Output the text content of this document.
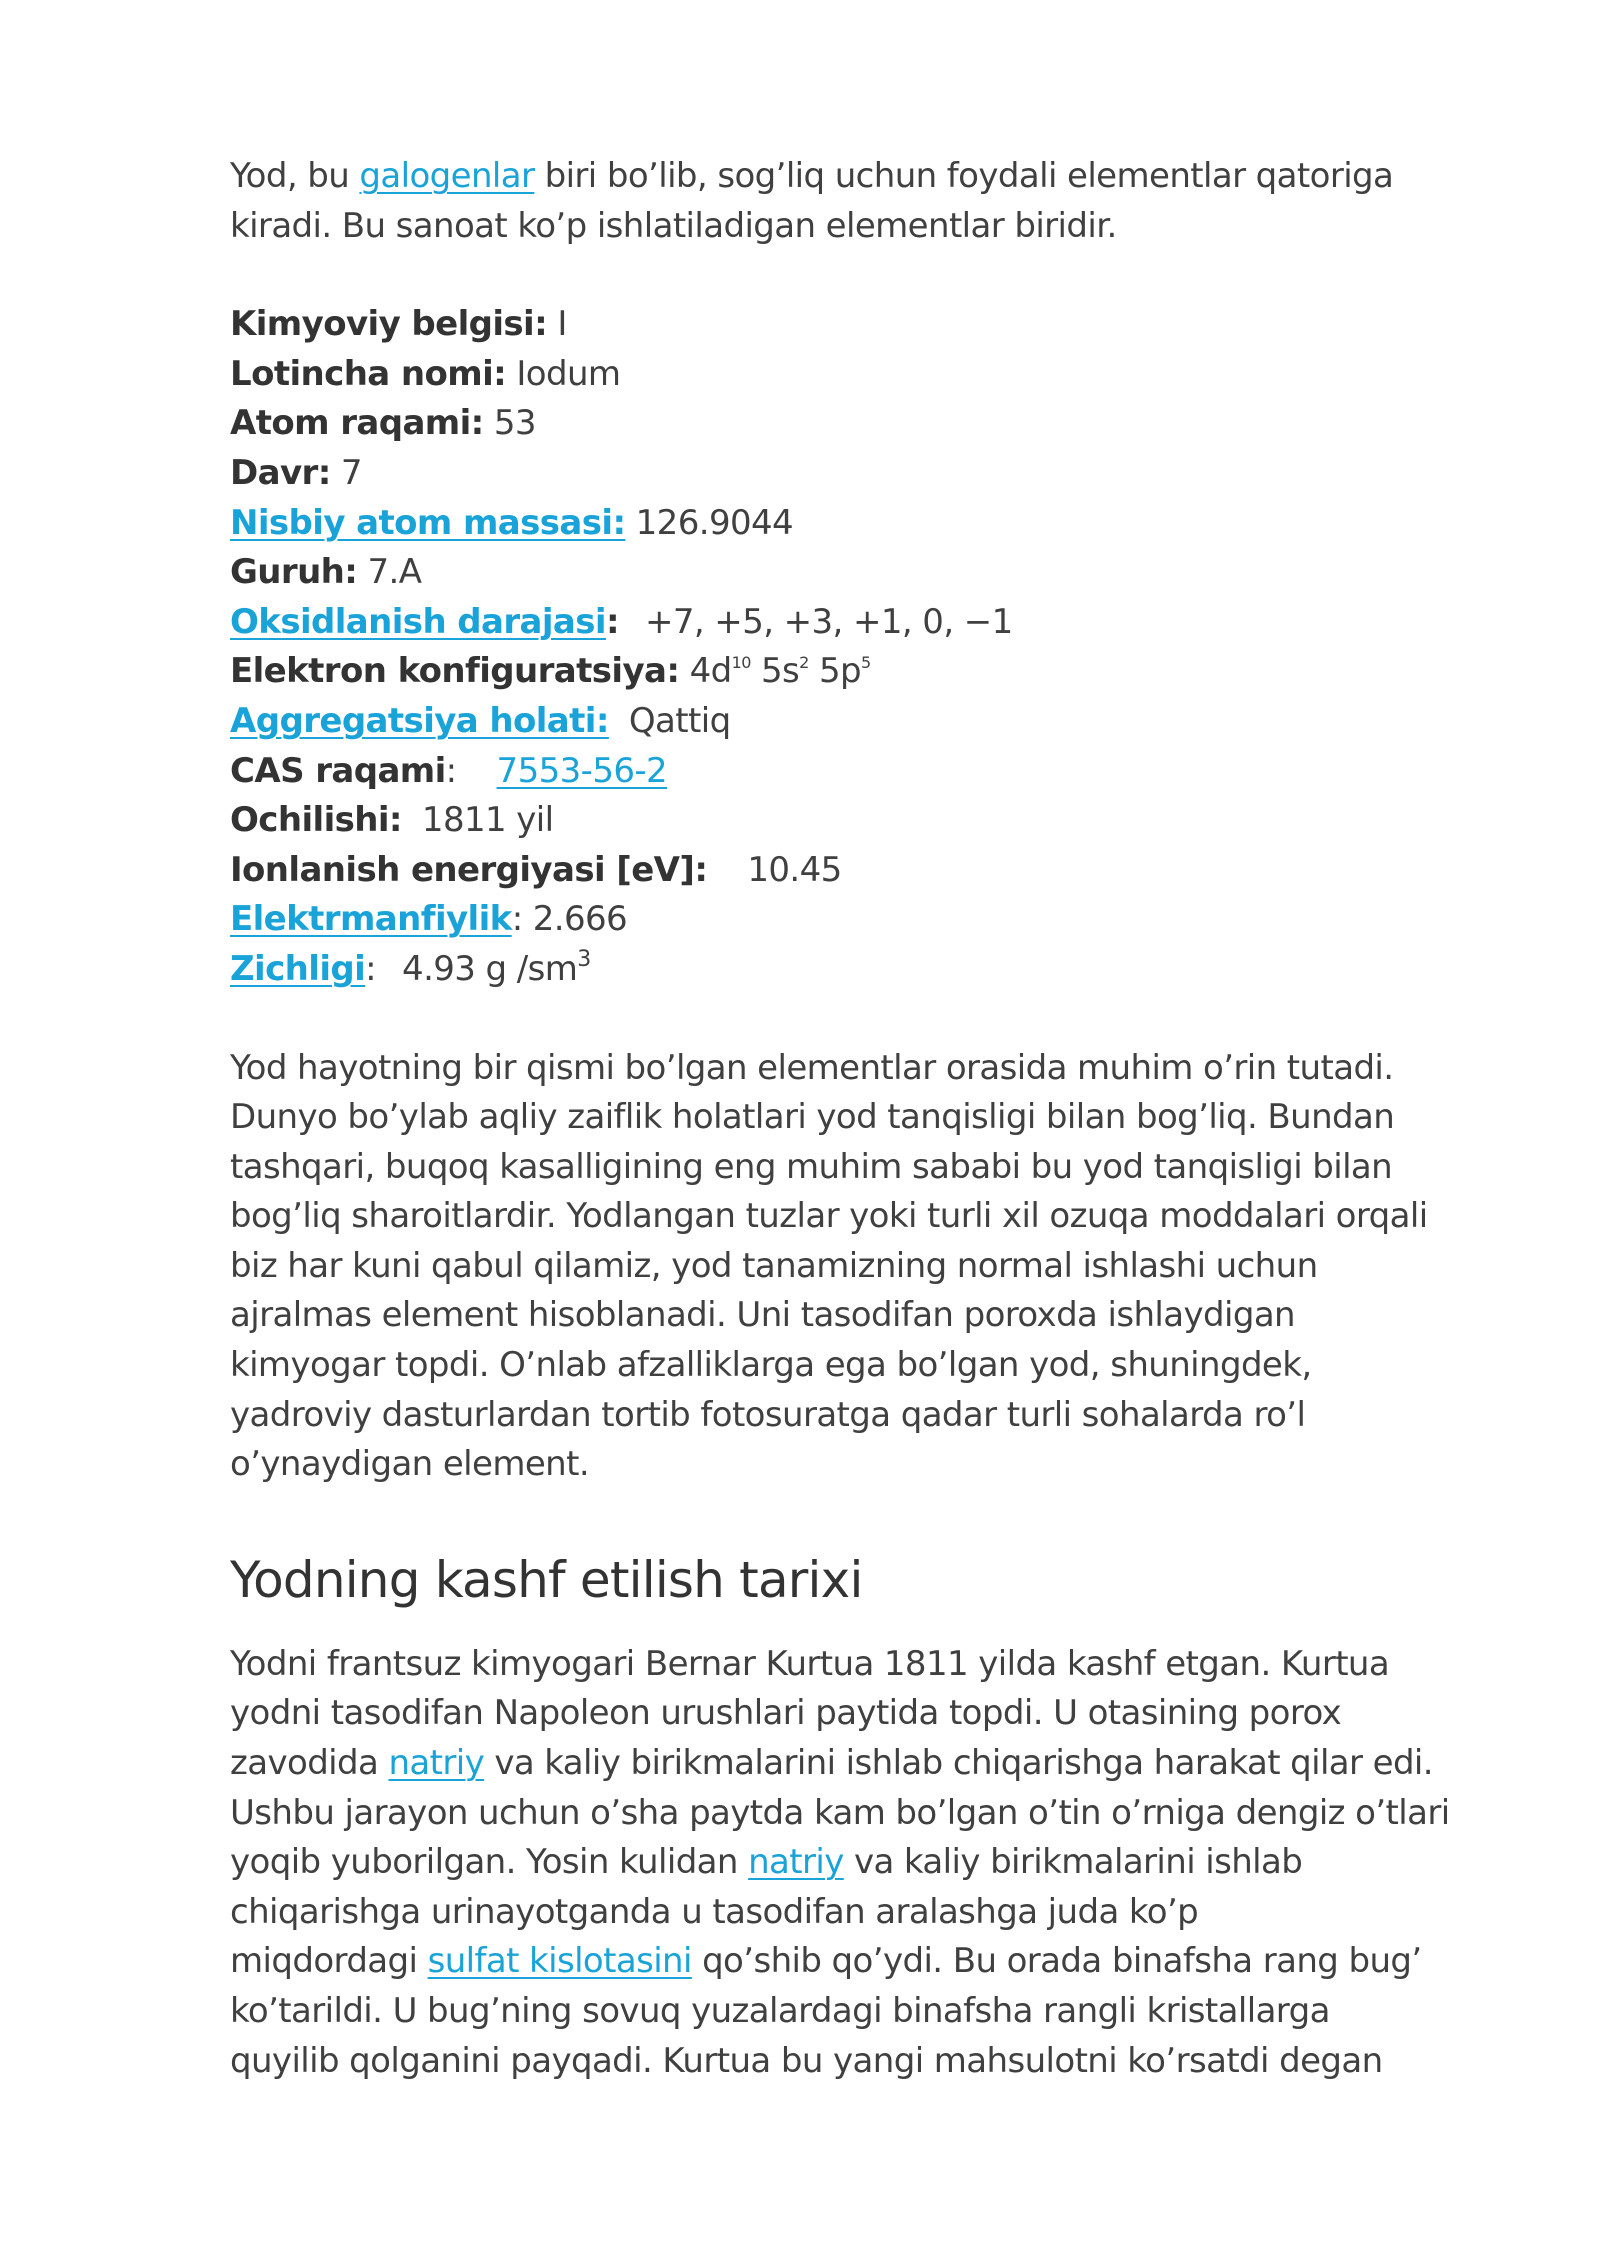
Yod, bu galogenlar biri bo’lib, sog’liq uchun foydali elementlar qatoriga

kiradi. Bu sanoat ko’p ishlatiladigan elementlar biridir.

Kimyoviy belgisi: I
Lotincha nomi: Iodum
Atom raqami: 53
Davr: 7
Nisbiy atom massasi: 126.9044
Guruh: 7.A
Oksidlanish darajasi: +7, +5, +3, +1, 0, −1
Elektron konfiguratsiya: $4d^{10}$ $5s^2$ $5p^5$
Aggregatsiya holati: Qattiq
CAS raqami: 7553-56-2
Ochilishi: 1811 yil
Ionlanish energiyasi [eV]: 10.45
Elektrmanfiylik: 2.666
Zichligi: 4.93 g $/sm^3$

Yod hayotning bir qismi bo’lgan elementlar orasida muhim o’rin tutadi.

Dunyo bo’ylab aqliy zaiflik holatlari yod tanqisligi bilan bog’liq. Bundan

tashqari, buqoq kasalligining eng muhim sababi bu yod tanqisligi bilan

bog’liq sharoitlardir. Yodlangan tuzlar yoki turli xil ozuqa moddalari orqali

biz har kuni qabul qilamiz, yod tanamizning normal ishlashi uchun

ajralmas element hisoblanadi. Uni tasodifan poroxda ishlaydigan

kimyogar topdi. O’nlab afzalliklarga ega bo’lgan yod, shuningdek,

yadroviy dasturlardan tortib fotosuratga qadar turli sohalarda ro’l

o’ynaydigan element.

Yodning kashf etilish tarixi

Yodni frantsuz kimyogari Bernar Kurtua 1811 yilda kashf etgan. Kurtua

yodni tasodifan Napoleon urushlari paytida topdi. U otasining porox

zavodida natriy va kaliy birikmalarini ishlab chiqarishga harakat qilar edi.

Ushbu jarayon uchun o’sha paytda kam bo’lgan o’tin o’rniga dengiz o’tlari

yoqib yuborilgan. Yosin kulidan natriy va kaliy birikmalarini ishlab

chiqarishga urinayotganda u tasodifan aralashga juda ko’p

miqdordagi sulfat kislotasini qo’shib qo’ydi. Bu orada binafsha rang bug’

ko’tarildi. U bug’ning sovuq yuzalardagi binafsha rangli kristallarga

quyilib qolganini payqadi. Kurtua bu yangi mahsulotni ko’rsatdi degan
